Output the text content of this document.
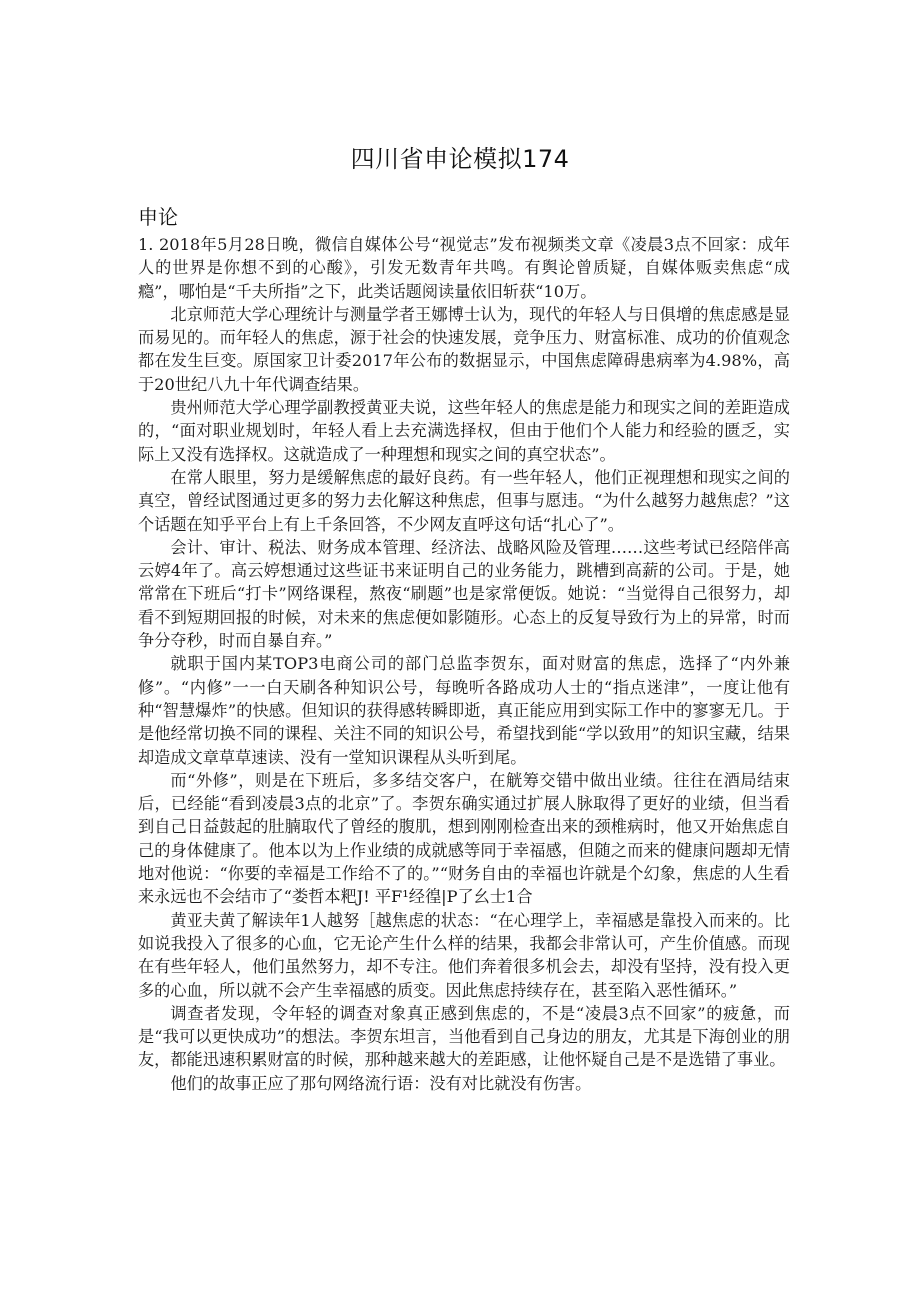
四川省申论模拟174
申论

1. 2018年5月28日晚，微信自媒体公号“视觉志”发布视频类文章《凌晨3点不回家：成年人的世界是你想不到的心酸》，引发无数青年共鸣。有舆论曾质疑，自媒体贩卖焦虑“成瘾”，哪怕是“千夫所指”之下，此类话题阅读量依旧斩获“10万。

北京师范大学心理统计与测量学者王娜博士认为，现代的年轻人与日俱增的焦虑感是显而易见的。而年轻人的焦虑，源于社会的快速发展，竞争压力、财富标准、成功的价值观念都在发生巨变。原国家卫计委2017年公布的数据显示，中国焦虑障碍患病率为4.98%，高于20世纪八九十年代调查结果。

贵州师范大学心理学副教授黄亚夫说，这些年轻人的焦虑是能力和现实之间的差距造成的，“面对职业规划时，年轻人看上去充满选择权，但由于他们个人能力和经验的匮乏，实际上又没有选择权。这就造成了一种理想和现实之间的真空状态”。

在常人眼里，努力是缓解焦虑的最好良药。有一些年轻人，他们正视理想和现实之间的真空，曾经试图通过更多的努力去化解这种焦虑，但事与愿违。“为什么越努力越焦虑？”这个话题在知乎平台上有上千条回答，不少网友直呼这句话“扎心了”。

会计、审计、税法、财务成本管理、经济法、战略风险及管理……这些考试已经陪伴高云婷4年了。高云婷想通过这些证书来证明自己的业务能力，跳槽到高薪的公司。于是，她常常在下班后“打卡”网络课程，熬夜“刷题”也是家常便饭。她说：“当觉得自己很努力，却看不到短期回报的时候，对未来的焦虑便如影随形。心态上的反复导致行为上的异常，时而争分夺秒，时而自暴自弃。”

就职于国内某TOP3电商公司的部门总监李贺东，面对财富的焦虑，选择了“内外兼修”。“内修”一一白天刷各种知识公号，每晚听各路成功人士的“指点迷津”，一度让他有种“智慧爆炸”的快感。但知识的获得感转瞬即逝，真正能应用到实际工作中的寥寥无几。于是他经常切换不同的课程、关注不同的知识公号，希望找到能“学以致用”的知识宝藏，结果却造成文章草草速读、没有一堂知识课程从头听到尾。

而“外修”，则是在下班后，多多结交客户，在觥筹交错中做出业绩。往往在酒局结束后，已经能“看到凌晨3点的北京”了。李贺东确实通过扩展人脉取得了更好的业绩，但当看到自己日益鼓起的肚腩取代了曾经的腹肌，想到刚刚检查出来的颈椎病时，他又开始焦虑自己的身体健康了。他本以为上作业绩的成就感等同于幸福感，但随之而来的健康问题却无情地对他说：“你要的幸福是工作给不了的。”“财务自由的幸福也许就是个幻象，焦虑的人生看来永远也不会结市了“娄哲本粑J! 平F¹经徨|P了幺士1合

黄亚夫黄了解读年1人越努［越焦虑的状态：“在心理学上，幸福感是靠投入而来的。比如说我投入了很多的心血，它无论产生什么样的结果，我都会非常认可，产生价值感。而现在有些年轻人，他们虽然努力，却不专注。他们奔着很多机会去，却没有坚持，没有投入更多的心血，所以就不会产生幸福感的质变。因此焦虑持续存在，甚至陷入恶性循环。”

调查者发现，令年轻的调查对象真正感到焦虑的，不是“凌晨3点不回家”的疲惫，而是“我可以更快成功”的想法。李贺东坦言，当他看到自己身边的朋友，尤其是下海创业的朋友，都能迅速积累财富的时候，那种越来越大的差距感，让他怀疑自己是不是选错了事业。

他们的故事正应了那句网络流行语：没有对比就没有伤害。
